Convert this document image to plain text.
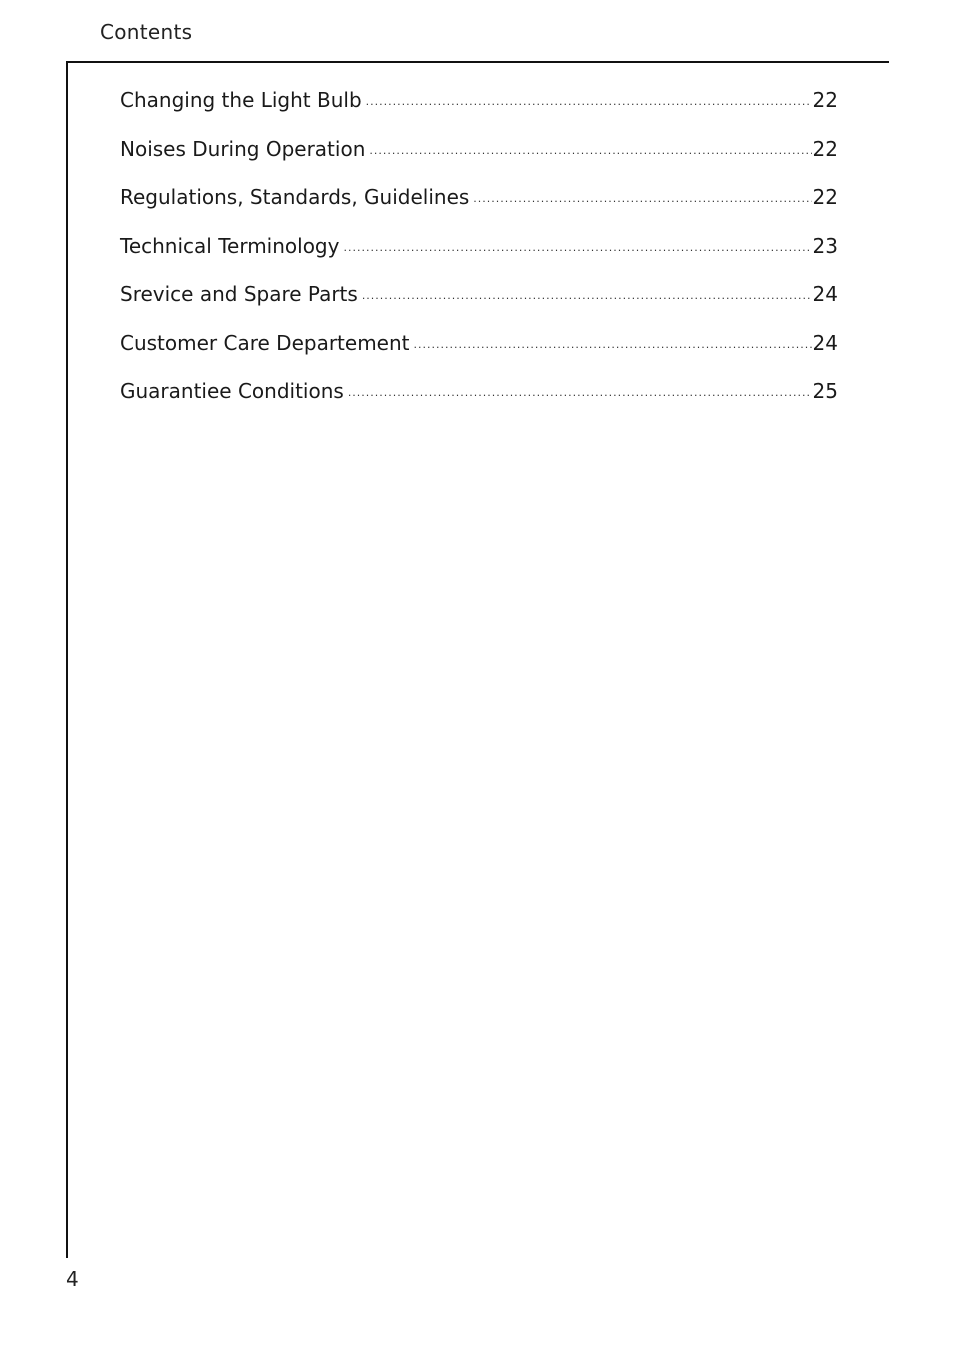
Contents
Changing the Light Bulb .....	22
Noises During Operation .....	22
Regulations, Standards, Guidelines .....	22
Technical Terminology .....	23
Srevice and Spare Parts .....	24
Customer Care Departement .....	24
Guarantiee Conditions .....	25
4
